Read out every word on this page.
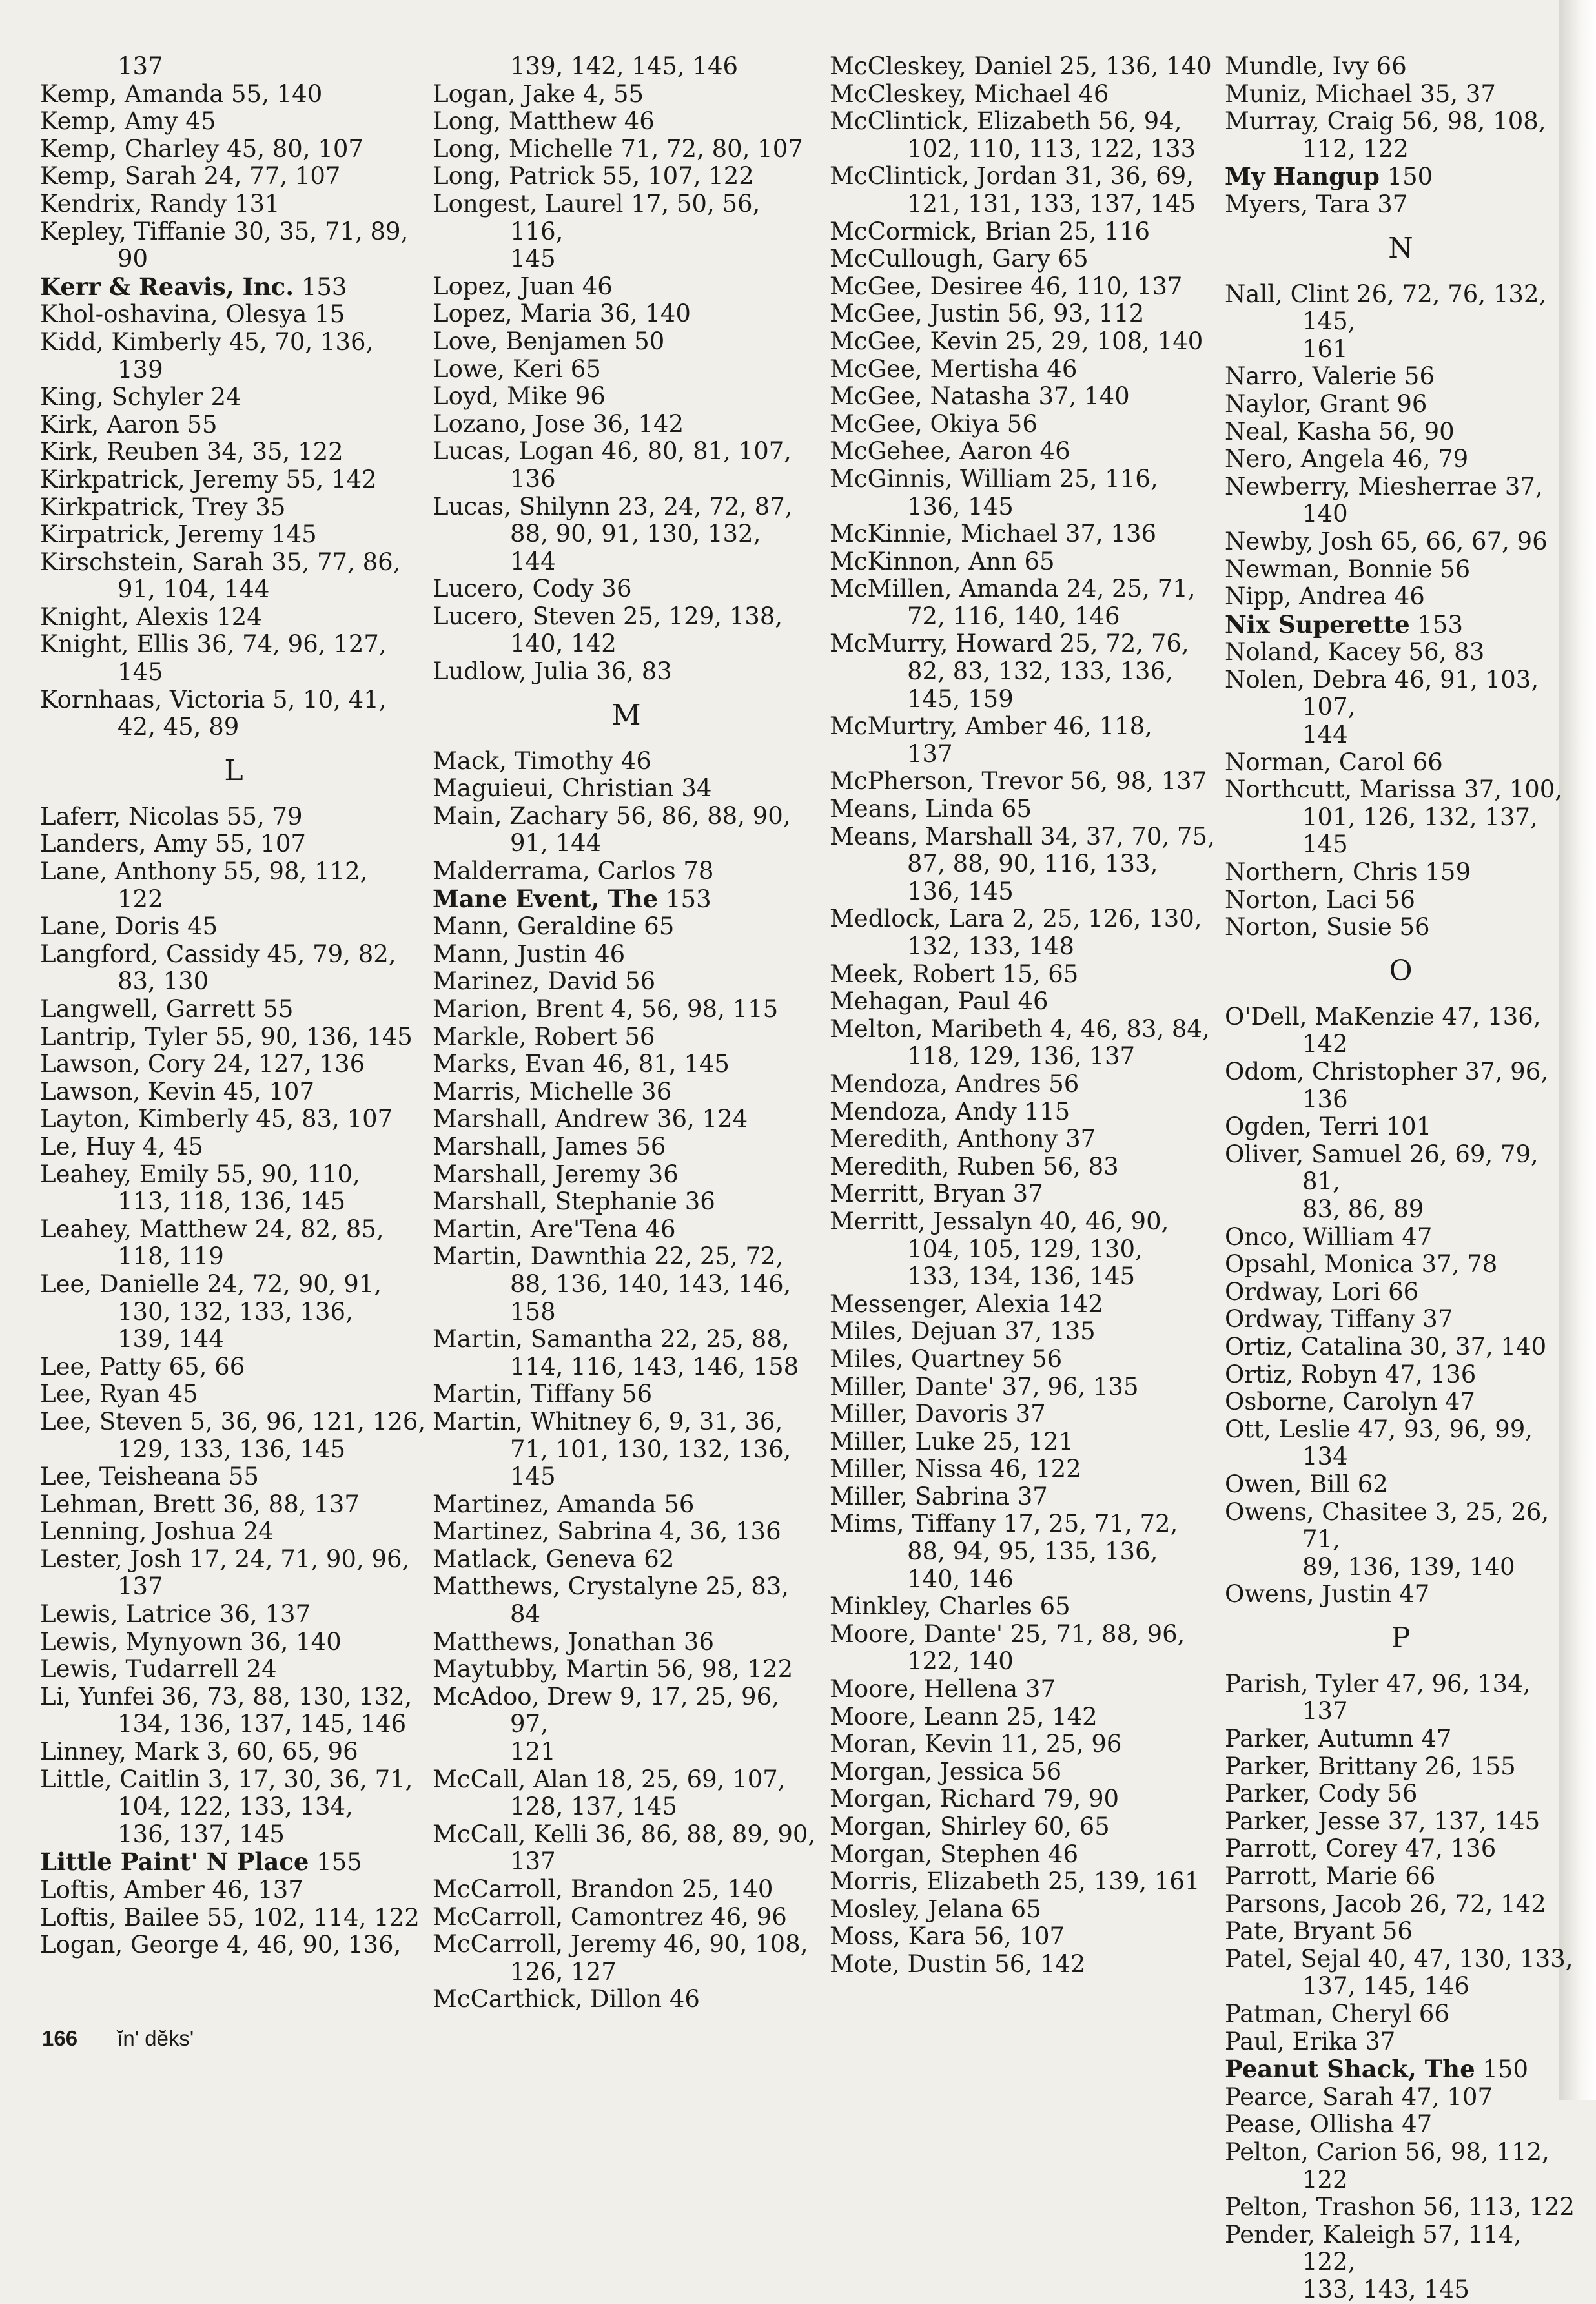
137
Kemp, Amanda 55, 140
Kemp, Amy 45
Kemp, Charley 45, 80, 107
Kemp, Sarah 24, 77, 107
Kendrix, Randy 131
Kepley, Tiffanie 30, 35, 71, 89,
90
Kerr & Reavis, Inc. 153
Khol-oshavina, Olesya 15
Kidd, Kimberly 45, 70, 136,
139
King, Schyler 24
Kirk, Aaron 55
Kirk, Reuben 34, 35, 122
Kirkpatrick, Jeremy 55, 142
Kirkpatrick, Trey 35
Kirpatrick, Jeremy 145
Kirschstein, Sarah 35, 77, 86,
91, 104, 144
Knight, Alexis 124
Knight, Ellis 36, 74, 96, 127,
145
Kornhaas, Victoria 5, 10, 41,
42, 45, 89
L
Laferr, Nicolas 55, 79
Landers, Amy 55, 107
Lane, Anthony 55, 98, 112,
122
Lane, Doris 45
Langford, Cassidy 45, 79, 82,
83, 130
Langwell, Garrett 55
Lantrip, Tyler 55, 90, 136, 145
Lawson, Cory 24, 127, 136
Lawson, Kevin 45, 107
Layton, Kimberly 45, 83, 107
Le, Huy 4, 45
Leahey, Emily 55, 90, 110,
113, 118, 136, 145
Leahey, Matthew 24, 82, 85,
118, 119
Lee, Danielle 24, 72, 90, 91,
130, 132, 133, 136,
139, 144
Lee, Patty 65, 66
Lee, Ryan 45
Lee, Steven 5, 36, 96, 121, 126,
129, 133, 136, 145
Lee, Teisheana 55
Lehman, Brett 36, 88, 137
Lenning, Joshua 24
Lester, Josh 17, 24, 71, 90, 96,
137
Lewis, Latrice 36, 137
Lewis, Mynyown 36, 140
Lewis, Tudarrell 24
Li, Yunfei 36, 73, 88, 130, 132,
134, 136, 137, 145, 146
Linney, Mark 3, 60, 65, 96
Little, Caitlin 3, 17, 30, 36, 71,
104, 122, 133, 134,
136, 137, 145
Little Paint' N Place 155
Loftis, Amber 46, 137
Loftis, Bailee 55, 102, 114, 122
Logan, George 4, 46, 90, 136,
139, 142, 145, 146
Logan, Jake 4, 55
Long, Matthew 46
Long, Michelle 71, 72, 80, 107
Long, Patrick 55, 107, 122
Longest, Laurel 17, 50, 56, 116,
145
Lopez, Juan 46
Lopez, Maria 36, 140
Love, Benjamen 50
Lowe, Keri 65
Loyd, Mike 96
Lozano, Jose 36, 142
Lucas, Logan 46, 80, 81, 107,
136
Lucas, Shilynn 23, 24, 72, 87,
88, 90, 91, 130, 132,
144
Lucero, Cody 36
Lucero, Steven 25, 129, 138,
140, 142
Ludlow, Julia 36, 83
M
Mack, Timothy 46
Maguieui, Christian 34
Main, Zachary 56, 86, 88, 90,
91, 144
Malderrama, Carlos 78
Mane Event, The 153
Mann, Geraldine 65
Mann, Justin 46
Marinez, David 56
Marion, Brent 4, 56, 98, 115
Markle, Robert 56
Marks, Evan 46, 81, 145
Marris, Michelle 36
Marshall, Andrew 36, 124
Marshall, James 56
Marshall, Jeremy 36
Marshall, Stephanie 36
Martin, Are'Tena 46
Martin, Dawnthia 22, 25, 72,
88, 136, 140, 143, 146,
158
Martin, Samantha 22, 25, 88,
114, 116, 143, 146, 158
Martin, Tiffany 56
Martin, Whitney 6, 9, 31, 36,
71, 101, 130, 132, 136,
145
Martinez, Amanda 56
Martinez, Sabrina 4, 36, 136
Matlack, Geneva 62
Matthews, Crystalyne 25, 83,
84
Matthews, Jonathan 36
Maytubby, Martin 56, 98, 122
McAdoo, Drew 9, 17, 25, 96, 97,
121
McCall, Alan 18, 25, 69, 107,
128, 137, 145
McCall, Kelli 36, 86, 88, 89, 90,
137
McCarroll, Brandon 25, 140
McCarroll, Camontrez 46, 96
McCarroll, Jeremy 46, 90, 108,
126, 127
McCarthick, Dillon 46
McCleskey, Daniel 25, 136, 140
McCleskey, Michael 46
McClintick, Elizabeth 56, 94,
102, 110, 113, 122, 133
McClintick, Jordan 31, 36, 69,
121, 131, 133, 137, 145
McCormick, Brian 25, 116
McCullough, Gary 65
McGee, Desiree 46, 110, 137
McGee, Justin 56, 93, 112
McGee, Kevin 25, 29, 108, 140
McGee, Mertisha 46
McGee, Natasha 37, 140
McGee, Okiya 56
McGehee, Aaron 46
McGinnis, William 25, 116,
136, 145
McKinnie, Michael 37, 136
McKinnon, Ann 65
McMillen, Amanda 24, 25, 71,
72, 116, 140, 146
McMurry, Howard 25, 72, 76,
82, 83, 132, 133, 136,
145, 159
McMurtry, Amber 46, 118,
137
McPherson, Trevor 56, 98, 137
Means, Linda 65
Means, Marshall 34, 37, 70, 75,
87, 88, 90, 116, 133,
136, 145
Medlock, Lara 2, 25, 126, 130,
132, 133, 148
Meek, Robert 15, 65
Mehagan, Paul 46
Melton, Maribeth 4, 46, 83, 84,
118, 129, 136, 137
Mendoza, Andres 56
Mendoza, Andy 115
Meredith, Anthony 37
Meredith, Ruben 56, 83
Merritt, Bryan 37
Merritt, Jessalyn 40, 46, 90,
104, 105, 129, 130,
133, 134, 136, 145
Messenger, Alexia 142
Miles, Dejuan 37, 135
Miles, Quartney 56
Miller, Dante' 37, 96, 135
Miller, Davoris 37
Miller, Luke 25, 121
Miller, Nissa 46, 122
Miller, Sabrina 37
Mims, Tiffany 17, 25, 71, 72,
88, 94, 95, 135, 136,
140, 146
Minkley, Charles 65
Moore, Dante' 25, 71, 88, 96,
122, 140
Moore, Hellena 37
Moore, Leann 25, 142
Moran, Kevin 11, 25, 96
Morgan, Jessica 56
Morgan, Richard 79, 90
Morgan, Shirley 60, 65
Morgan, Stephen 46
Morris, Elizabeth 25, 139, 161
Mosley, Jelana 65
Moss, Kara 56, 107
Mote, Dustin 56, 142
Mundle, Ivy 66
Muniz, Michael 35, 37
Murray, Craig 56, 98, 108,
112, 122
My Hangup 150
Myers, Tara 37
N
Nall, Clint 26, 72, 76, 132, 145,
161
Narro, Valerie 56
Naylor, Grant 96
Neal, Kasha 56, 90
Nero, Angela 46, 79
Newberry, Miesherrae 37, 140
Newby, Josh 65, 66, 67, 96
Newman, Bonnie 56
Nipp, Andrea 46
Nix Superette 153
Noland, Kacey 56, 83
Nolen, Debra 46, 91, 103, 107,
144
Norman, Carol 66
Northcutt, Marissa 37, 100,
101, 126, 132, 137, 145
Northern, Chris 159
Norton, Laci 56
Norton, Susie 56
O
O'Dell, MaKenzie 47, 136, 142
Odom, Christopher 37, 96, 136
Ogden, Terri 101
Oliver, Samuel 26, 69, 79, 81,
83, 86, 89
Onco, William 47
Opsahl, Monica 37, 78
Ordway, Lori 66
Ordway, Tiffany 37
Ortiz, Catalina 30, 37, 140
Ortiz, Robyn 47, 136
Osborne, Carolyn 47
Ott, Leslie 47, 93, 96, 99, 134
Owen, Bill 62
Owens, Chasitee 3, 25, 26, 71,
89, 136, 139, 140
Owens, Justin 47
P
Parish, Tyler 47, 96, 134, 137
Parker, Autumn 47
Parker, Brittany 26, 155
Parker, Cody 56
Parker, Jesse 37, 137, 145
Parrott, Corey 47, 136
Parrott, Marie 66
Parsons, Jacob 26, 72, 142
Pate, Bryant 56
Patel, Sejal 40, 47, 130, 133,
137, 145, 146
Patman, Cheryl 66
Paul, Erika 37
Peanut Shack, The 150
Pearce, Sarah 47, 107
Pease, Ollisha 47
Pelton, Carion 56, 98, 112, 122
Pelton, Trashon 56, 113, 122
Pender, Kaleigh 57, 114, 122,
133, 143, 145
166 ĭn' dĕks'
